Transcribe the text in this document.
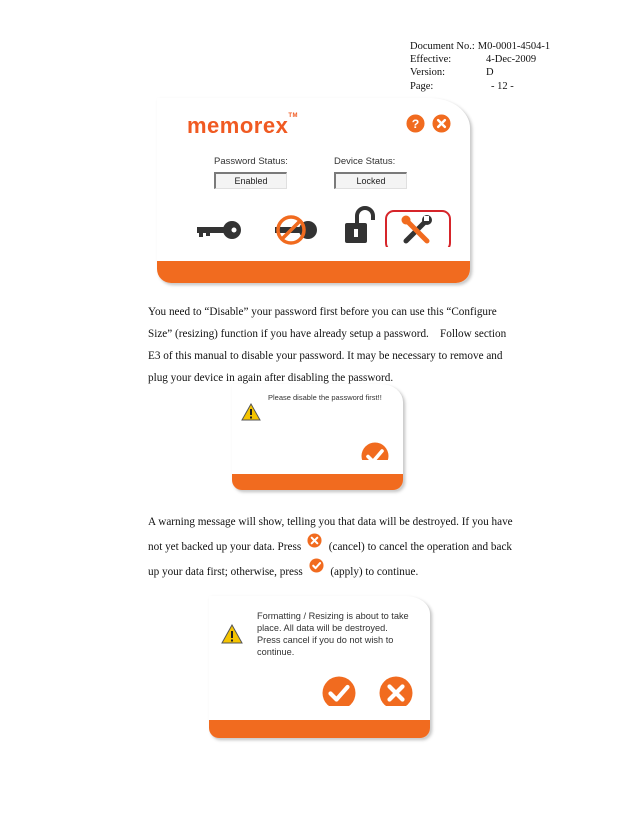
Document No.: M0-0001-4504-1
Effective:	4-Dec-2009
Version:	D
Page:	- 12 -
memorex™
?
Password Status:
Enabled
Device Status:
Locked

You need to “Disable” your password first before you can use this “Configure

Size” (resizing) function if you have already setup a password.    Follow section

E3 of this manual to disable your password. It may be necessary to remove and

plug your device in again after disabling the password.

Please disable the password first!!

A warning message will show, telling you that data will be destroyed. If you have

not yet backed up your data. Press (cancel) to cancel the operation and back

up your data first; otherwise, press (apply) to continue.

Formatting / Resizing is about to take
place. All data will be destroyed.
Press cancel if you do not wish to
continue.
